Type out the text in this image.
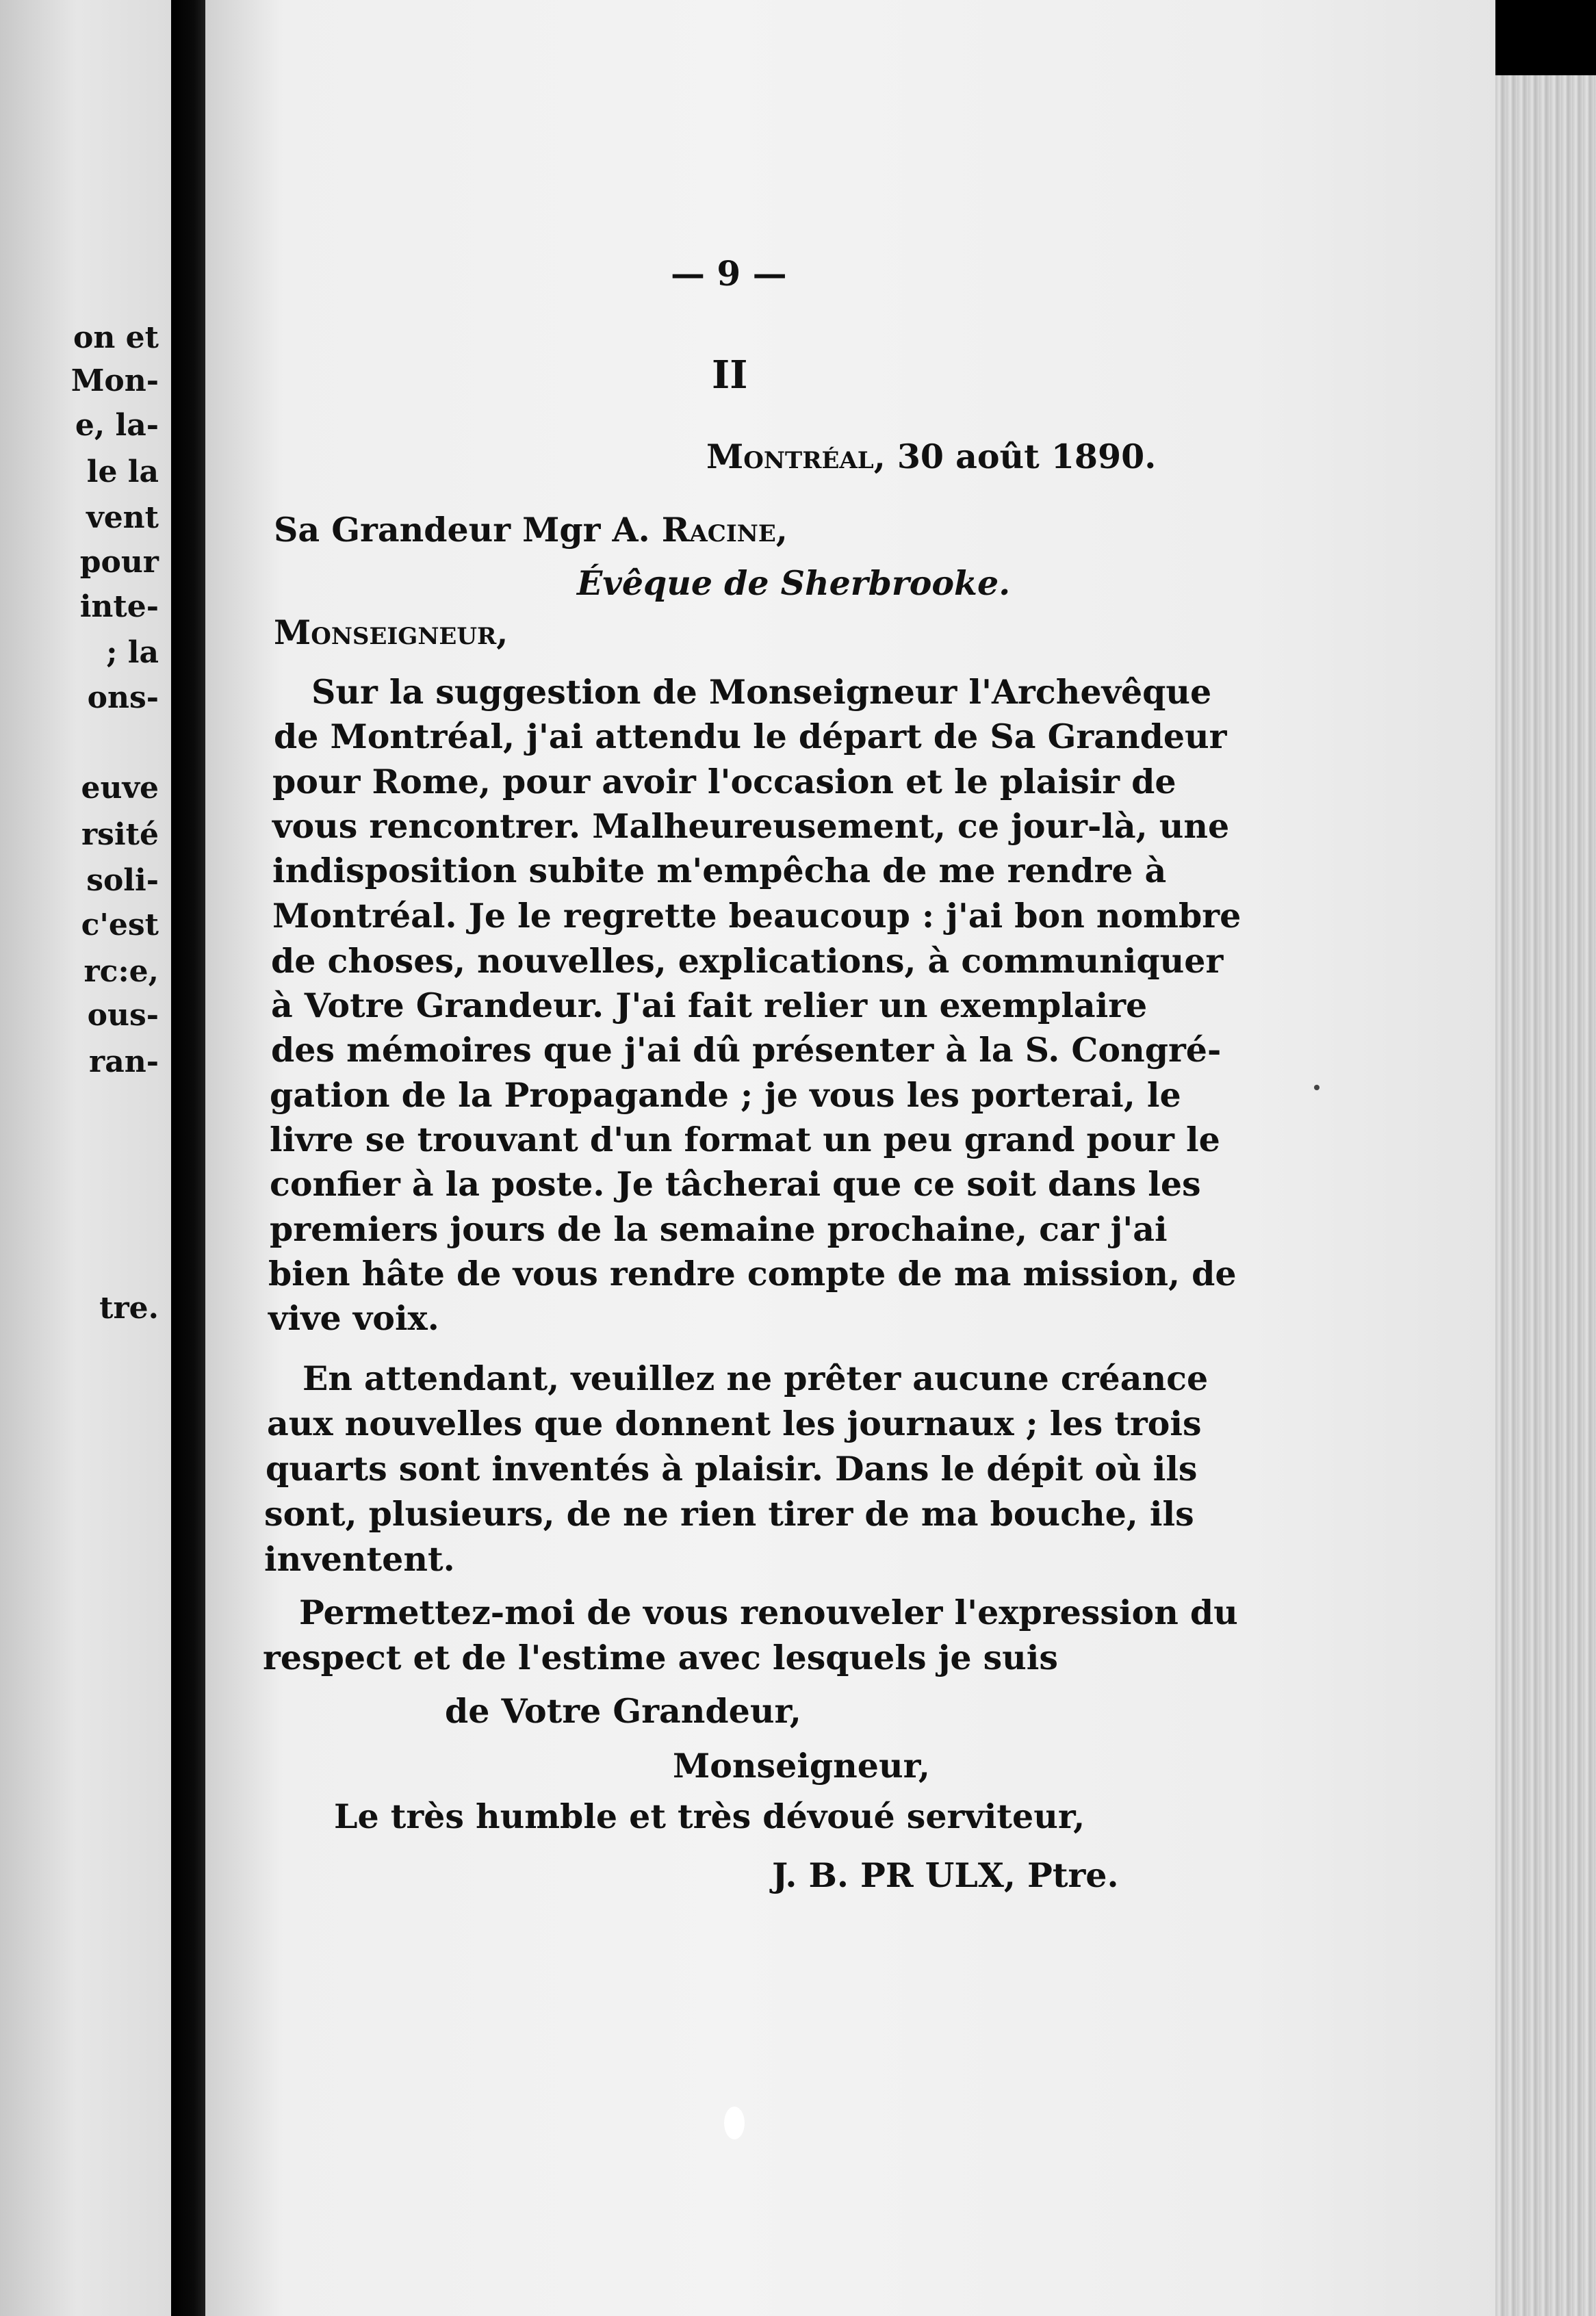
on et
Mon-
e, la-
le la
vent
pour
inte-
; la
ons-
euve
rsité
soli-
c'est
rc:e,
ous-
ran-
tre.
— 9 —
II
Montréal, 30 août 1890.
Sa Grandeur Mgr A. Racine,
Évêque de Sherbrooke.
Monseigneur,
Sur la suggestion de Monseigneur l'Archevêque
de Montréal, j'ai attendu le départ de Sa Grandeur
pour Rome, pour avoir l'occasion et le plaisir de
vous rencontrer. Malheureusement, ce jour-là, une
indisposition subite m'empêcha de me rendre à
Montréal. Je le regrette beaucoup : j'ai bon nombre
de choses, nouvelles, explications, à communiquer
à Votre Grandeur. J'ai fait relier un exemplaire
des mémoires que j'ai dû présenter à la S. Congré-
gation de la Propagande ; je vous les porterai, le
livre se trouvant d'un format un peu grand pour le
confier à la poste. Je tâcherai que ce soit dans les
premiers jours de la semaine prochaine, car j'ai
bien hâte de vous rendre compte de ma mission, de
vive voix.
En attendant, veuillez ne prêter aucune créance
aux nouvelles que donnent les journaux ; les trois
quarts sont inventés à plaisir. Dans le dépit où ils
sont, plusieurs, de ne rien tirer de ma bouche, ils
inventent.
Permettez-moi de vous renouveler l'expression du
respect et de l'estime avec lesquels je suis
de Votre Grandeur,
Monseigneur,
Le très humble et très dévoué serviteur,
J. B. PR ULX, Ptre.
